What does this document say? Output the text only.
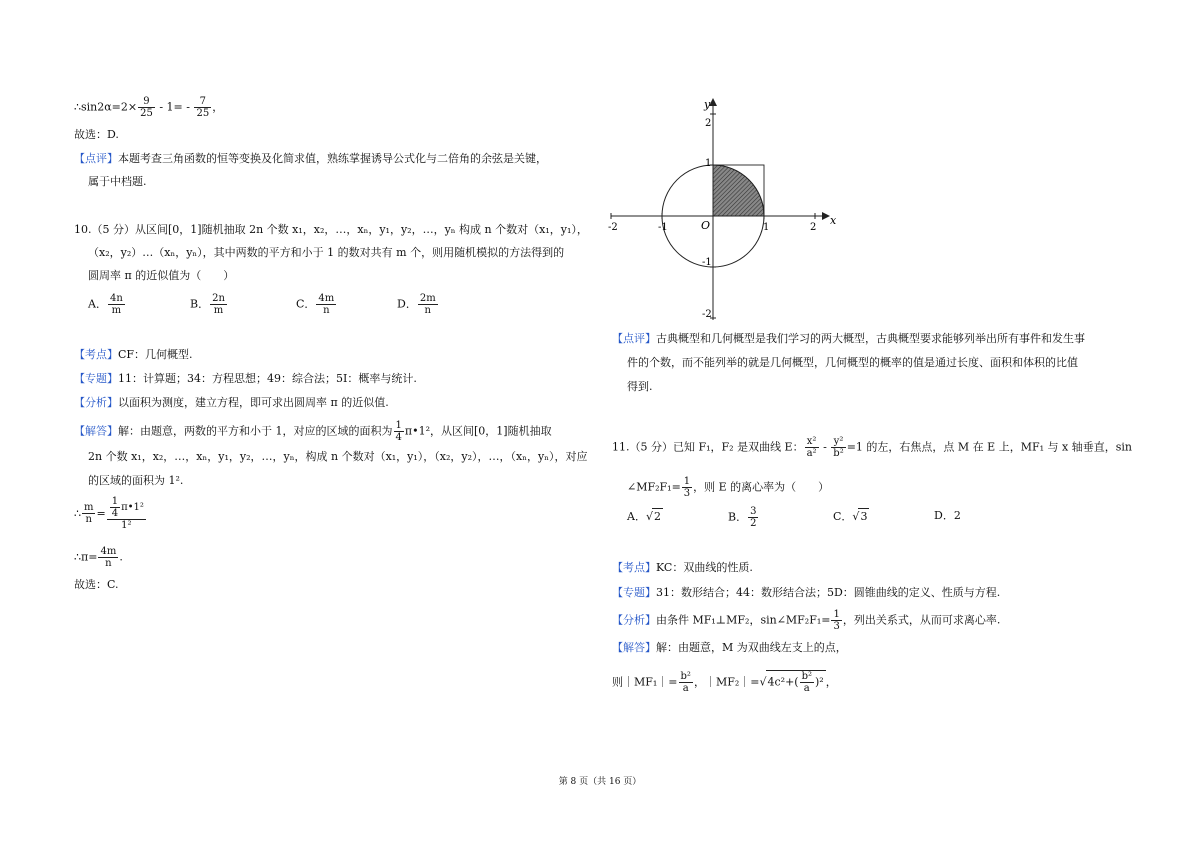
∴sin2α=2× $\frac{9}{25} - 1= - \frac{7}{25}$ ，
故选：D.
【点评】本题考查三角函数的恒等变换及化简求值，熟练掌握诱导公式化与二倍角的余弦是关键，
属于中档题.
10.（5 分）从区间[0，1]随机抽取 2n 个数 x₁，x₂，…，xₙ，y₁，y₂，…，yₙ 构成 n 个数对（x₁，y₁），
（x₂，y₂）…（xₙ，yₙ），其中两数的平方和小于 1 的数对共有 m 个，则用随机模拟的方法得到的
圆周率 π 的近似值为（　　）
A． $\frac{4n}{m}$	B． $\frac{2n}{m}$	C． $\frac{4m}{n}$	D． $\frac{2m}{n}$
【考点】CF：几何概型.
【专题】11：计算题；34：方程思想；49：综合法；5I：概率与统计.
【分析】以面积为测度，建立方程，即可求出圆周率 π 的近似值.
【解答】解：由题意，两数的平方和小于 1，对应的区域的面积为 $\frac{1}{4}$ π•1²，从区间[0，1]随机抽取
2n 个数 x₁，x₂，…，xₙ，y₁，y₂，…，yₙ，构成 n 个数对（x₁，y₁），（x₂，y₂），…，（xₙ，yₙ），对应
的区域的面积为 1².
∴ $\frac{m}{n} = \frac{\frac{1}{4} \pi•1^2}{\text{1²}}$
∴π= $\frac{4m}{n}$ .
故选：C.
y
x
O
-2	-1	1	2
2
1
-1
-2
【点评】古典概型和几何概型是我们学习的两大概型，古典概型要求能够列举出所有事件和发生事
件的个数，而不能列举的就是几何概型，几何概型的概率的值是通过长度、面积和体积的比值
得到.
11.（5 分）已知 F₁，F₂ 是双曲线 E： $\frac{\text{x²}}{\text{a²}} - \frac{\text{y²}}{\text{b²}} =1$ 的左，右焦点，点 M 在 E 上，MF₁ 与 x 轴垂直，sin
∠MF₂F₁= $\frac{1}{3}$ ，则 E 的离心率为（　　）
A．√2	B． $\frac{3}{2}$	C．√3	D．2
【考点】KC：双曲线的性质.
【专题】31：数形结合；44：数形结合法；5D：圆锥曲线的定义、性质与方程.
【分析】由条件 MF₁⊥MF₂，sin∠MF₂F₁= $\frac{1}{3}$ ，列出关系式，从而可求离心率.
【解答】解：由题意，M 为双曲线左支上的点，
则｜MF₁｜= $\frac{\text{b²}}{a}$ ，｜MF₂｜=√4c²+( $\frac{\text{b²}}{a} )^2$ ，
第 8 页（共 16 页）
